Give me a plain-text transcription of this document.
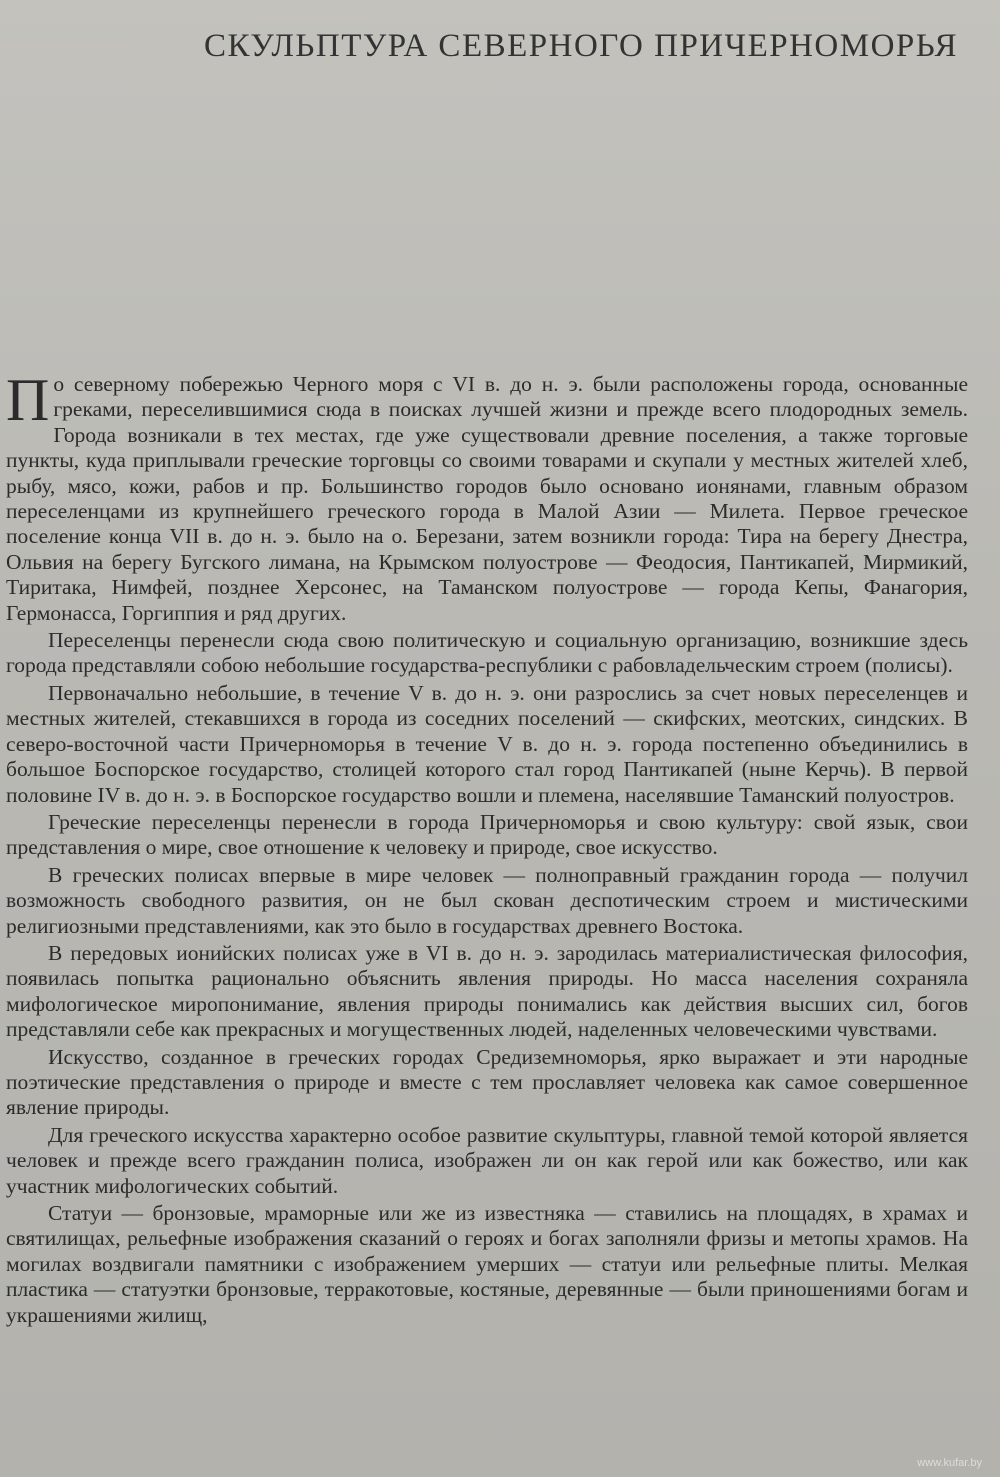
СКУЛЬПТУРА СЕВЕРНОГО ПРИЧЕРНОМОРЬЯ

По северному побережью Черного моря с VI в. до н. э. были расположены города, основанные греками, переселившимися сюда в поисках лучшей жизни и прежде всего плодородных земель. Города возникали в тех местах, где уже существовали древние поселения, а также торговые пункты, куда приплывали греческие торговцы со своими товарами и скупали у местных жителей хлеб, рыбу, мясо, кожи, рабов и пр. Большинство городов было основано ионянами, главным образом переселенцами из крупнейшего греческого города в Малой Азии — Милета. Первое греческое поселение конца VII в. до н. э. было на о. Березани, затем возникли города: Тира на берегу Днестра, Ольвия на берегу Бугского лимана, на Крымском полуострове — Феодосия, Пантикапей, Мирмикий, Тиритака, Нимфей, позднее Херсонес, на Таманском полуострове — города Кепы, Фанагория, Гермонасса, Горгиппия и ряд других.

Переселенцы перенесли сюда свою политическую и социальную организацию, возникшие здесь города представляли собою небольшие государства-республики с рабовладельческим строем (полисы).

Первоначально небольшие, в течение V в. до н. э. они разрослись за счет новых переселенцев и местных жителей, стекавшихся в города из соседних поселений — скифских, меотских, синдских. В северо-восточной части Причерноморья в течение V в. до н. э. города постепенно объединились в большое Боспорское государство, столицей которого стал город Пантикапей (ныне Керчь). В первой половине IV в. до н. э. в Боспорское государство вошли и племена, населявшие Таманский полуостров.

Греческие переселенцы перенесли в города Причерноморья и свою культуру: свой язык, свои представления о мире, свое отношение к человеку и природе, свое искусство.

В греческих полисах впервые в мире человек — полноправный гражданин города — получил возможность свободного развития, он не был скован деспотическим строем и мистическими религиозными представлениями, как это было в государствах древнего Востока.

В передовых ионийских полисах уже в VI в. до н. э. зародилась материалистическая философия, появилась попытка рационально объяснить явления природы. Но масса населения сохраняла мифологическое миропонимание, явления природы понимались как действия высших сил, богов представляли себе как прекрасных и могущественных людей, наделенных человеческими чувствами.

Искусство, созданное в греческих городах Средиземноморья, ярко выражает и эти народные поэтические представления о природе и вместе с тем прославляет человека как самое совершенное явление природы.

Для греческого искусства характерно особое развитие скульптуры, главной темой которой является человек и прежде всего гражданин полиса, изображен ли он как герой или как божество, или как участник мифологических событий.

Статуи — бронзовые, мраморные или же из известняка — ставились на площадях, в храмах и святилищах, рельефные изображения сказаний о героях и богах заполняли фризы и метопы храмов. На могилах воздвигали памятники с изображением умерших — статуи или рельефные плиты. Мелкая пластика — статуэтки бронзовые, терракотовые, костяные, деревянные — были приношениями богам и украшениями жилищ,

www.kufar.by
